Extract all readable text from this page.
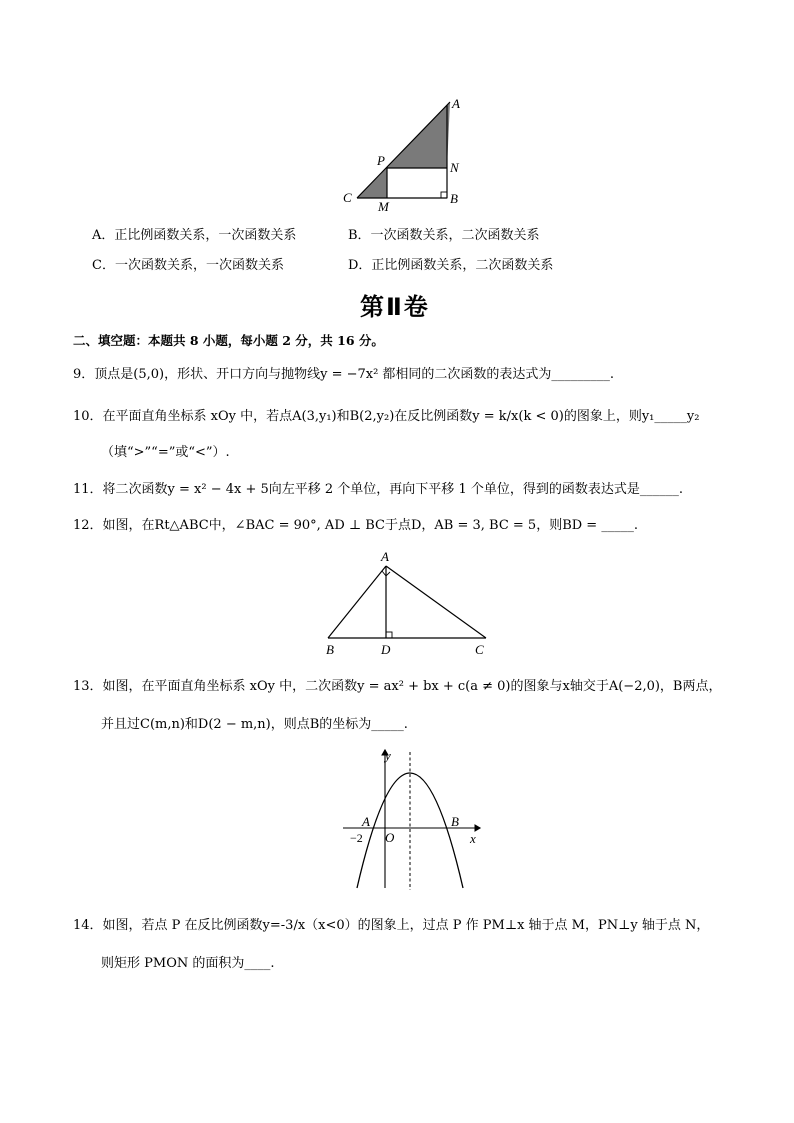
A
P	N
C
M
B
A．正比例函数关系，一次函数关系	B．一次函数关系，二次函数关系
C．一次函数关系，一次函数关系	D．正比例函数关系，二次函数关系
第Ⅱ卷
二、填空题：本题共 8 小题，每小题 2 分，共 16 分。
9．顶点是(5,0)，形状、开口方向与抛物线y = −7x² 都相同的二次函数的表达式为_________.
10．在平面直角坐标系 xOy 中，若点A(3,y₁)和B(2,y₂)在反比例函数y = k/x(k < 0)的图象上，则y₁_____y₂
（填“>”“=”或“<”）.
11．将二次函数y = x² − 4x + 5向左平移 2 个单位，再向下平移 1 个单位，得到的函数表达式是______.
12．如图，在Rt△ABC中，∠BAC = 90°, AD ⊥ BC于点D，AB = 3, BC = 5，则BD = _____.
A
B	D	C
13．如图，在平面直角坐标系 xOy 中，二次函数y = ax² + bx + c(a ≠ 0)的图象与x轴交于A(−2,0)，B两点，
并且过C(m,n)和D(2 − m,n)，则点B的坐标为_____.
y
x
A	B
O
−2
14．如图，若点 P 在反比例函数y=-3/x（x<0）的图象上，过点 P 作 PM⊥x 轴于点 M，PN⊥y 轴于点 N，
则矩形 PMON 的面积为____.
